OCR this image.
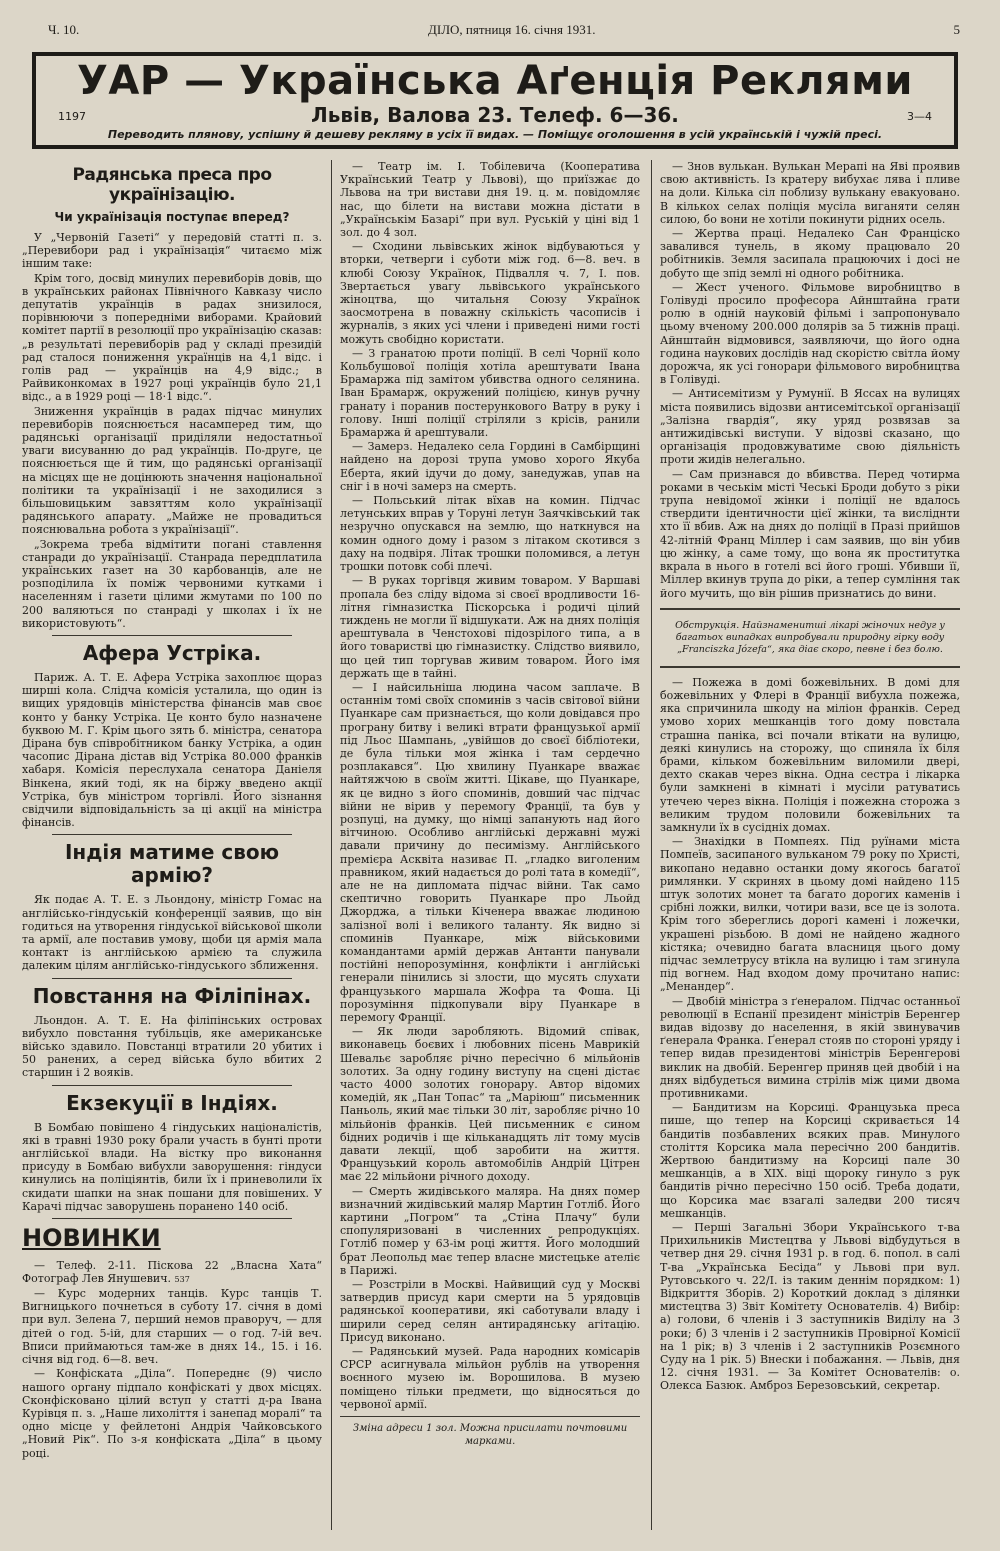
Ч. 10.	ДІЛО, пятниця 16. січня 1931.	5
УАР — Українська Аґенція Реклями
1197	Львів, Валова 23. Телеф. 6—36.	3—4
Переводить плянову, успішну й дешеву рекляму в усіх її видах. — Поміщує оголошення в усій українській і чужій пресі.
Радянська преса про українізацію.
Чи українізація поступає вперед?

У „Червоній Газеті“ у передовій статті п. з. „Перевибори рад і українізація“ читаємо між іншим таке:

Крім того, досвід минулих перевиборів довів, що в українських районах Північного Кавказу число депутатів українців в радах знизилося, порівнюючи з попередніми виборами. Крайовий комітет партії в резолюції про українізацію сказав: „в результаті перевиборів рад у складі президій рад сталося пониження українців на 4,1 відс. і голів рад — українців на 4,9 відс.; в Райвиконкомах в 1927 році українців було 21,1 відс., а в 1929 році — 18·1 відс.“.

Зниження українців в радах підчас минулих перевиборів пояснюється насамперед тим, що радянські організації приділяли недостатньої уваги висуванню до рад українців. По-друге, це пояснюється ще й тим, що радянські організації на місцях ще не доцінюють значення національної політики та українізації і не заходилися з більшовицьким завзяттям коло українізації радянського апарату. „Майже не провадиться пояснювальна робота з українізації“.

„Зокрема треба відмітити погані ставлення станради до українізації. Станрада передплатила українських газет на 30 карбованців, але не розподілила їх поміж червоними кутками і населенням і газети цілими жмутами по 100 по 200 валяються по станраді у школах і їх не використовують“.

Афера Устріка.

Париж. А. Т. Е. Афера Устріка захоплює щораз ширші кола. Слідча комісія усталила, що один із вищих урядовців міністерства фінансів мав своє конто у банку Устріка. Це конто було назначене буквою М. Г. Крім цього зять б. міністра, сенатора Дірана був співробітником банку Устріка, а один часопис Дірана дістав від Устріка 80.000 франків хабаря. Комісія переслухала сенатора Даніеля Вінкена, який тоді, як на біржу введено акції Устріка, був міністром торгівлі. Його зізнання свідчили відповідальність за ці акції на міністра фінансів.

Індія матиме свою армію?

Як подає А. Т. Е. з Льондону, міністр Гомас на англійсько-гіндуській конференції заявив, що він годиться на утворення гіндуської військової школи та армії, але поставив умову, щоби ця армія мала контакт із англійською армією та служила далеким цілям англійсько-гіндуського зближення.

Повстання на Філіпінах.

Льондон. А. Т. Е. На філіпінських островах вибухло повстання тубільців, яке американське військо здавило. Повстанці втратили 20 убитих і 50 ранених, а серед війська було вбитих 2 старшин і 2 вояків.

Екзекуції в Індіях.

В Бомбаю повішено 4 гіндуських націоналістів, які в травні 1930 року брали участь в бунті проти англійської влади. На вістку про виконання присуду в Бомбаю вибухли заворушення: гіндуси кинулись на поліціянтів, били їх і приневолили їх скидати шапки на знак пошани для повішених. У Карачі підчас заворушень поранено 140 осіб.

НОВИНКИ

— Телеф. 2-11. Піскова 22 „Власна Хата“ Фотограф Лев Янушевич. 537

— Курс модерних танців. Курс танців Т. Вигницького почнеться в суботу 17. січня в домі при вул. Зелена 7, перший немов праворуч, — для дітей о год. 5-ій, для старших — о год. 7-ій веч. Вписи приймаються там-же в днях 14., 15. і 16. січня від год. 6—8. веч.

— Конфіската „Діла“. Попереднє (9) число нашого органу підпало конфіскаті у двох місцях. Сконфісковано цілий вступ у статті д-ра Івана Курівця п. з. „Наше лихоліття і занепад моралі“ та одно місце у фейлетоні Андрія Чайковського „Новий Рік“. По з-я конфіската „Діла“ в цьому році.

— Театр ім. І. Тобілевича (Кооператива Український Театр у Львові), що приїзжає до Львова на три вистави дня 19. ц. м. повідомляє нас, що білети на вистави можна дістати в „Українськім Базарі“ при вул. Руській у ціні від 1 зол. до 4 зол.

— Сходини львівських жінок відбуваються у вторки, четверги і суботи між год. 6—8. веч. в клюбі Союзу Українок, Підвалля ч. 7, І. пов. Звертається увагу львівського українського жіноцтва, що читальня Союзу Українок заосмотрена в поважну скількість часописів і журналів, з яких усі члени і приведені ними гості можуть свобідно користати.

— З гранатою проти поліції. В селі Чорнії коло Кольбушової поліція хотіла арештувати Івана Брамаржа під замітом убивства одного селянина. Іван Брамарж, окружений поліцією, кинув ручну гранату і поранив постерункового Ватру в руку і голову. Інші поліції стріляли з крісів, ранили Брамаржа й арештували.

— Замерз. Недалеко села Гордині в Самбірщині найдено на дорозі трупа умово хорого Якуба Еберта, який ідучи до дому, занедужав, упав на сніг і в ночі замерз на смерть.

— Польський літак вїхав на комин. Підчас летунських вправ у Торуні летун Заячківський так незручно опускався на землю, що наткнувся на комин одного дому і разом з літаком скотився з даху на подвіря. Літак трошки поломився, а летун трошки потовк собі плечі.

— В руках торгівця живим товаром. У Варшаві пропала без сліду відома зі своєї вродливости 16-літня гімназистка Піскорська і родичі цілий тиждень не могли її відшукати. Аж на днях поліція арештувала в Ченстохові підозрілого типа, а в його товаристві цю гімназистку. Слідство виявило, що цей тип торгував живим товаром. Його імя держать ще в тайні.

— І найсильніша людина часом заплаче. В останнім томі своїх споминів з часів світової війни Пуанкаре сам признається, що коли довідався про програну битву і великі втрати французької армії під Льос Шампань, „увійшов до своєї бібліотеки, де була тільки моя жінка і там сердечно розплакався“. Цю хвилину Пуанкаре вважає найтяжчою в своїм житті. Цікаве, що Пуанкаре, як це видно з його споминів, довший час підчас війни не вірив у перемогу Франції, та був у розпуці, на думку, що німці запанують над його вітчиною. Особливо англійські державні мужі давали причину до песимізму. Англійського премієра Асквіта називає П. „гладко виголеним правником, який надається до ролі тата в комедії“, але не на дипломата підчас війни. Так само скептично говорить Пуанкаре про Льойд Джорджа, а тільки Кіченера вважає людиною залізної волі і великого таланту. Як видно зі споминів Пуанкаре, між військовими командантами армій держав Антанти панували постійні непорозуміння, конфлікти і англійські генерали пінились зі злости, що мусять слухати французького маршала Жофра та Фоша. Ці порозуміння підкопували віру Пуанкаре в перемогу Франції.

— Як люди заробляють. Відомий співак, виконавець боєвих і любовних пісень Маврикій Шевальє заробляє річно пересічно 6 мільйонів золотих. За одну годину виступу на сцені дістає часто 4000 золотих гонорару. Автор відомих комедій, як „Пан Топас“ та „Маріюш“ письменник Паньоль, який має тільки 30 літ, заробляє річно 10 мільйонів франків. Цей письменник є сином бідних родичів і ще кільканадцять літ тому мусів давати лекції, щоб заробити на життя. Французький король автомобілів Андрій Цітрен має 22 мільйони річного доходу.

— Смерть жидівського маляра. На днях помер визначний жидівський маляр Мартин Готліб. Його картини „Погром“ та „Стіна Плачу“ були спопуляризовані в численних репродукціях. Готліб помер у 63-ім році життя. Його молодший брат Леопольд має тепер власне мистецьке ателіє в Парижі.

— Розстріли в Москві. Найвищий суд у Москві затвердив присуд кари смерти на 5 урядовців радянської кооперативи, які саботували владу і ширили серед селян антирадянську агітацію. Присуд виконано.

— Радянський музей. Рада народних комісарів СРСР асигнувала мільйон рублів на утворення воєнного музею ім. Ворошилова. В музею поміщено тільки предмети, що відносяться до червоної армії.

Зміна адреси 1 зол. Можна присилати почтовими марками.

— Знов вулькан. Вулькан Мерапі на Яві проявив свою активність. Із кратеру вибухає лява і пливе на доли. Кілька сіл поблизу вулькану евакуовано. В кількох селах поліція мусіла виганяти селян силою, бо вони не хотіли покинути рідних осель.

— Жертва праці. Недалеко Сан Франціско завалився тунель, в якому працювало 20 робітників. Земля засипала працюючих і досі не добуто ще зпід землі ні одного робітника.

— Жест ученого. Фільмове виробництво в Голівуді просило професора Айнштайна грати ролю в одній науковій фільмі і запропонувало цьому вченому 200.000 долярів за 5 тижнів праці. Айнштайн відмовився, заявляючи, що його одна година наукових дослідів над скорістю світла йому дорожча, як усі гонорари фільмового виробництва в Голівуді.

— Антисемітизм у Румунії. В Яссах на вулицях міста появились відозви антисемітської організації „Залізна гвардія“, яку уряд розвязав за антижидівські виступи. У відозві сказано, що організація продовжуватиме свою діяльність проти жидів нелегально.

— Сам признався до вбивства. Перед чотирма роками в чеськім місті Чеські Броди добуто з ріки трупа невідомої жінки і поліції не вдалось ствердити ідентичности цієї жінки, та висліднти хто її вбив. Аж на днях до поліції в Празі прийшов 42-літній Франц Міллер і сам заявив, що він убив цю жінку, а саме тому, що вона як проститутка вкрала в нього в готелі всі його гроші. Убивши її, Міллер вкинув трупа до ріки, а тепер сумління так його мучить, що він рішив признатись до вини.

Обструкція. Найзнаменитші лікарі жіночих недуг у багатьох випадках випробували природну гірку воду „Franciszka Józefa“, яка діає скоро, певне і без болю.

— Пожежа в домі божевільних. В домі для божевільних у Флері в Франції вибухла пожежа, яка спричинила шкоду на міліон франків. Серед умово хорих мешканців того дому повстала страшна паніка, всі почали втікати на вулицю, деякі кинулись на сторожу, що спиняла їх біля брами, кільком божевільним виломили двері, дехто скакав через вікна. Одна сестра і лікарка були замкнені в кімнаті і мусіли ратуватись утечею через вікна. Поліція і пожежна сторожа з великим трудом половили божевільних та замкнули їх в сусідніх домах.

— Знахідки в Помпеях. Під руїнами міста Помпеїв, засипаного вульканом 79 року по Христі, викопано недавно останки дому якогось багатої римлянки. У скринях в цьому домі найдено 115 штук золотих монет та багато дорогих каменів і срібні ложки, вилки, чотири вази, все це із золота. Крім того збереглись дорогі камені і ложечки, украшені різьбою. В домі не найдено жадного кістяка; очевидно багата власниця цього дому підчас землетрусу втікла на вулицю і там згинула під вогнем. Над входом дому прочитано напис: „Менандер“.

— Двобій міністра з ґенералом. Підчас останньої революції в Еспанії президент міністрів Беренгер видав відозву до населення, в якій звинувачив ґенерала Франка. Ґенерал стояв по стороні уряду і тепер видав президентові міністрів Беренгерові виклик на двобій. Беренгер приняв цей двобій і на днях відбудеться вимина стрілів між цими двома противниками.

— Бандитизм на Корсиці. Французька преса пише, що тепер на Корсиці скривається 14 бандитів позбавлених всяких прав. Минулого століття Корсика мала пересічно 200 бандитів. Жертвою бандитизму на Корсиці пале 30 мешканців, а в XIX. віці щороку гинуло з рук бандитів річно пересічно 150 осіб. Треба додати, що Корсика має взагалі заледви 200 тисяч мешканців.

— Перші Загальні Збори Українського т-ва Прихильників Мистецтва у Львові відбудуться в четвер дня 29. січня 1931 р. в год. 6. попол. в салі Т-ва „Українська Бесіда“ у Львові при вул. Рутовського ч. 22/І. із таким деннім порядком: 1) Відкриття Зборів. 2) Короткий доклад з ділянки мистецтва 3) Звіт Комітету Основателів. 4) Вибір: а) голови, 6 членів і 3 заступників Виділу на 3 роки; б) 3 членів і 2 заступників Провірної Комісії на 1 рік; в) 3 членів і 2 заступників Розємного Суду на 1 рік. 5) Внески і побажання. — Львів, дня 12. січня 1931. — За Комітет Основателів: о. Олекса Базюк. Амброз Березовський, секретар.
